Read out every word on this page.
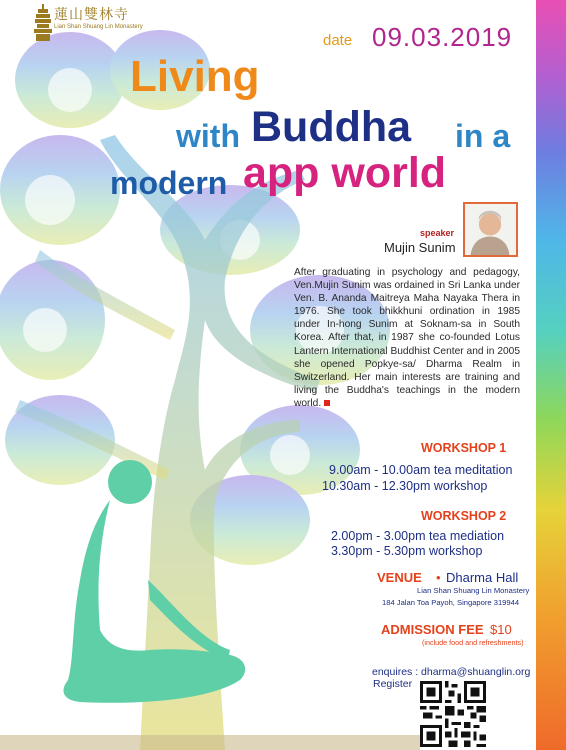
蓮山雙林寺
Lian Shan Shuang Lin Monastery
date 09.03.2019
Living
with Buddha in a
modern app world
speaker
Mujin Sunim
After graduating in psychology and pedagogy, Ven.Mujin Sunim was ordained in Sri Lanka under Ven. B. Ananda Maitreya Maha Nayaka Thera in 1976. She took bhikkhuni ordination in 1985 under In-hong Sunim at Soknam-sa in South Korea. After that, in 1987 she co-founded Lotus Lantern International Buddhist Center and in 2005 she opened Popkye-sa/ Dharma Realm in Switzerland. Her main interests are training and living the Buddha's teachings in the modern world.
WORKSHOP 1
9.00am - 10.00am tea meditation
10.30am - 12.30pm workshop
WORKSHOP 2
2.00pm - 3.00pm tea mediation
3.30pm - 5.30pm workshop
VENUE • Dharma Hall
Lian Shan Shuang Lin Monastery
184 Jalan Toa Payoh, Singapore 319944
ADMISSION FEE $10
(include food and refreshments)
enquires : dharma@shuanglin.org
Register
